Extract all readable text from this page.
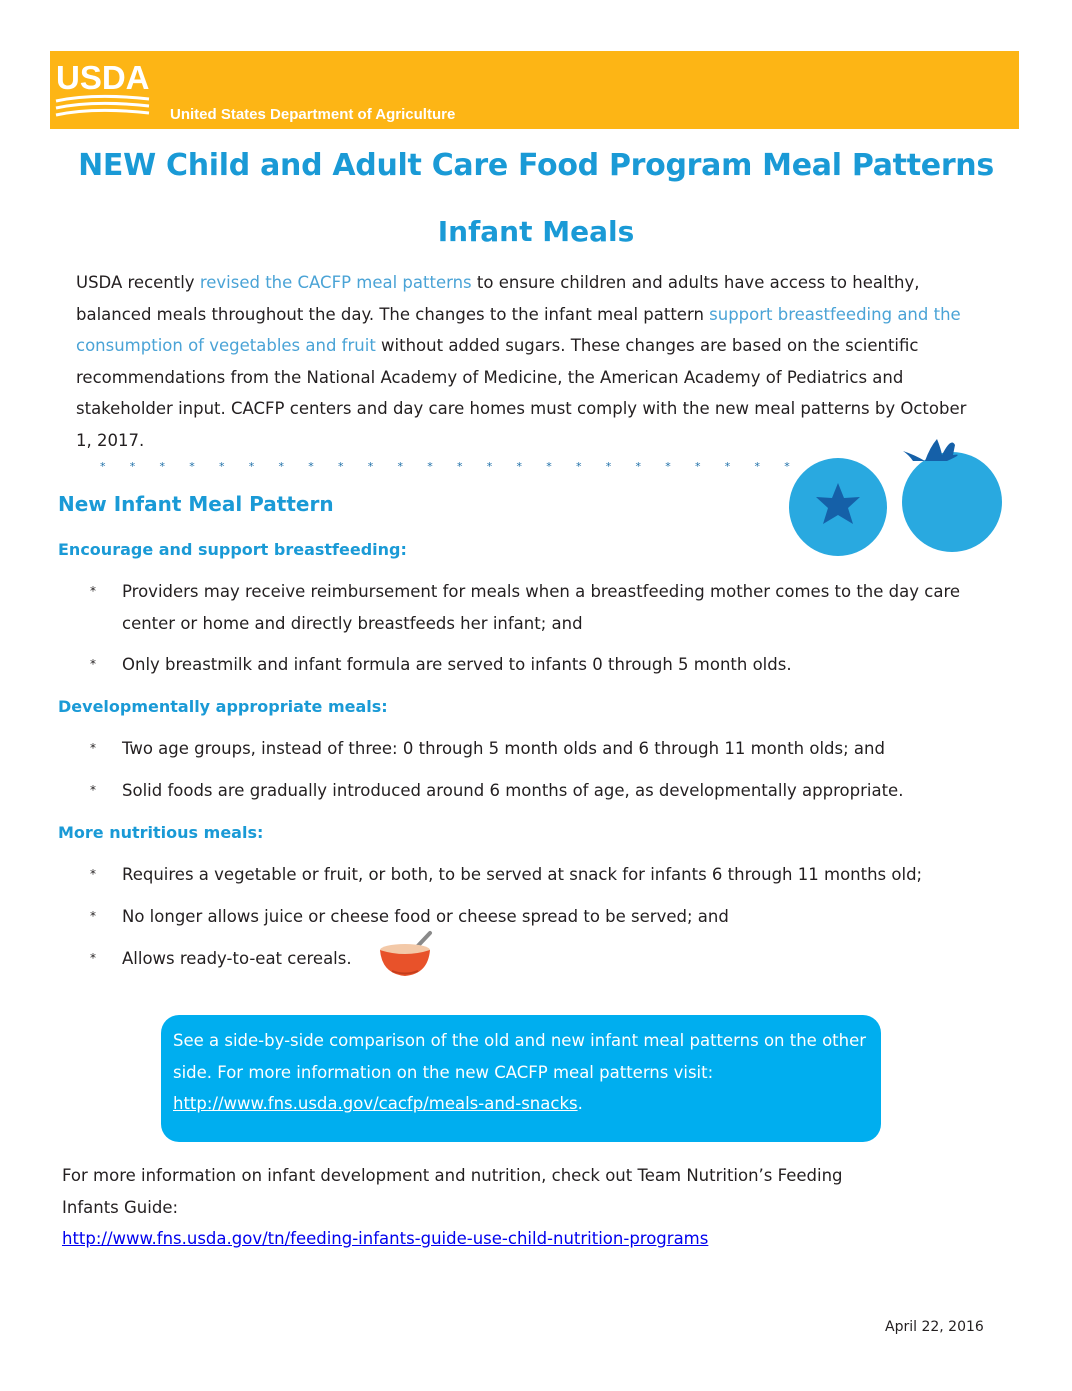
USDA
United States Department of Agriculture
NEW Child and Adult Care Food Program Meal Patterns
Infant Meals

USDA recently revised the CACFP meal patterns to ensure children and adults have access to healthy, balanced meals throughout the day. The changes to the infant meal pattern support breastfeeding and the consumption of vegetables and fruit without added sugars. These changes are based on the scientific recommendations from the National Academy of Medicine, the American Academy of Pediatrics and stakeholder input. CACFP centers and day care homes must comply with the new meal patterns by October 1, 2017.

* * * * * * * * * * * * * * * * * * * * * * * *
New Infant Meal Pattern
Encourage and support breastfeeding:
*	Providers may receive reimbursement for meals when a breastfeeding mother comes to the day care center or home and directly breastfeeds her infant; and
*	Only breastmilk and infant formula are served to infants 0 through 5 month olds.
Developmentally appropriate meals:
*	Two age groups, instead of three: 0 through 5 month olds and 6 through 11 month olds; and
*	Solid foods are gradually introduced around 6 months of age, as developmentally appropriate.
More nutritious meals:
*	Requires a vegetable or fruit, or both, to be served at snack for infants 6 through 11 months old;
*	No longer allows juice or cheese food or cheese spread to be served; and
*	Allows ready-to-eat cereals.
See a side-by-side comparison of the old and new infant meal patterns on the other side. For more information on the new CACFP meal patterns visit: http://www.fns.usda.gov/cacfp/meals-and-snacks.
For more information on infant development and nutrition, check out Team Nutrition’s Feeding Infants Guide:
http://www.fns.usda.gov/tn/feeding-infants-guide-use-child-nutrition-programs
April 22, 2016
